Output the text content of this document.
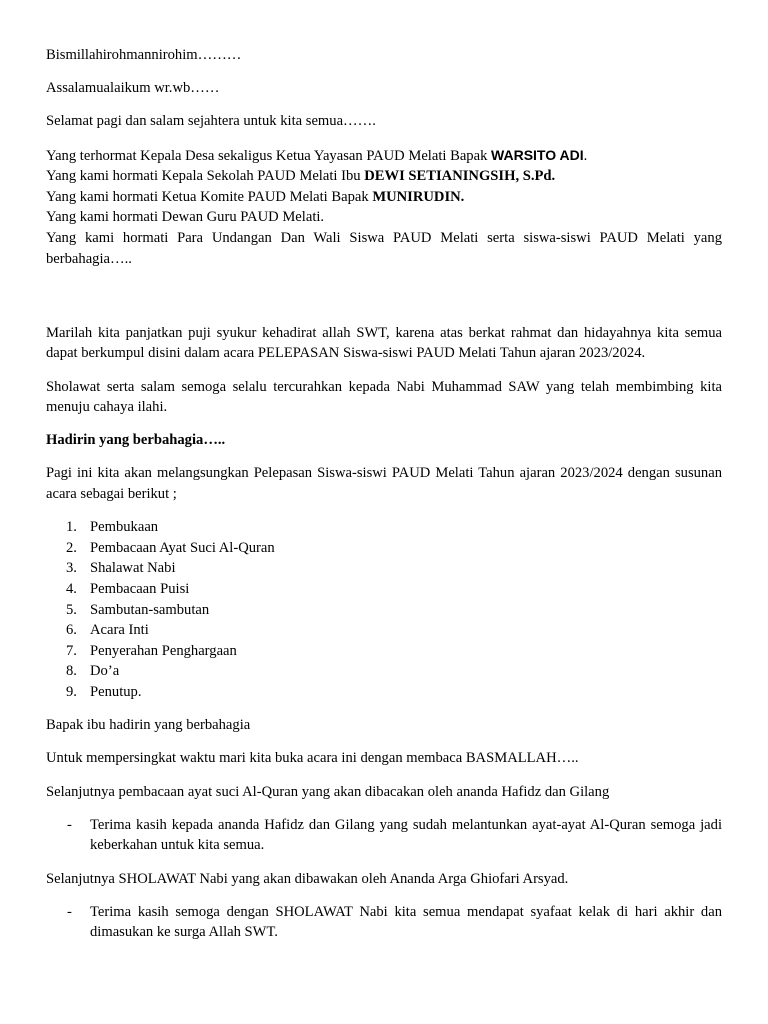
Bismillahirohmannirohim………

Assalamualaikum wr.wb……

Selamat pagi dan salam sejahtera untuk kita semua…….

Yang terhormat Kepala Desa sekaligus Ketua Yayasan PAUD Melati Bapak WARSITO ADI.
Yang kami hormati Kepala Sekolah PAUD Melati Ibu DEWI SETIANINGSIH, S.Pd.
Yang kami hormati Ketua Komite PAUD Melati Bapak MUNIRUDIN.
Yang kami hormati Dewan Guru PAUD Melati.
Yang kami hormati Para Undangan Dan Wali Siswa PAUD Melati serta siswa-siswi PAUD Melati yang berbahagia…..

Marilah kita panjatkan puji syukur kehadirat allah SWT, karena atas berkat rahmat dan hidayahnya kita semua dapat berkumpul disini dalam acara PELEPASAN Siswa-siswi PAUD Melati Tahun ajaran 2023/2024.

Sholawat serta salam semoga selalu tercurahkan kepada Nabi Muhammad SAW yang telah membimbing kita menuju cahaya ilahi.

Hadirin yang berbahagia…..

Pagi ini kita akan melangsungkan Pelepasan Siswa-siswi PAUD Melati Tahun ajaran 2023/2024 dengan susunan acara sebagai berikut ;

1. Pembukaan
2. Pembacaan Ayat Suci Al-Quran
3. Shalawat Nabi
4. Pembacaan Puisi
5. Sambutan-sambutan
6. Acara Inti
7. Penyerahan Penghargaan
8. Do’a
9. Penutup.

Bapak ibu hadirin yang berbahagia

Untuk mempersingkat waktu mari kita buka acara ini dengan membaca BASMALLAH…..

Selanjutnya pembacaan ayat suci Al-Quran yang akan dibacakan oleh ananda Hafidz dan Gilang

-	Terima kasih kepada ananda Hafidz dan Gilang yang sudah melantunkan ayat-ayat Al-Quran semoga jadi keberkahan untuk kita semua.

Selanjutnya SHOLAWAT Nabi yang akan dibawakan oleh Ananda Arga Ghiofari Arsyad.

-	Terima kasih semoga dengan SHOLAWAT Nabi kita semua mendapat syafaat kelak di hari akhir dan dimasukan ke surga Allah SWT.
